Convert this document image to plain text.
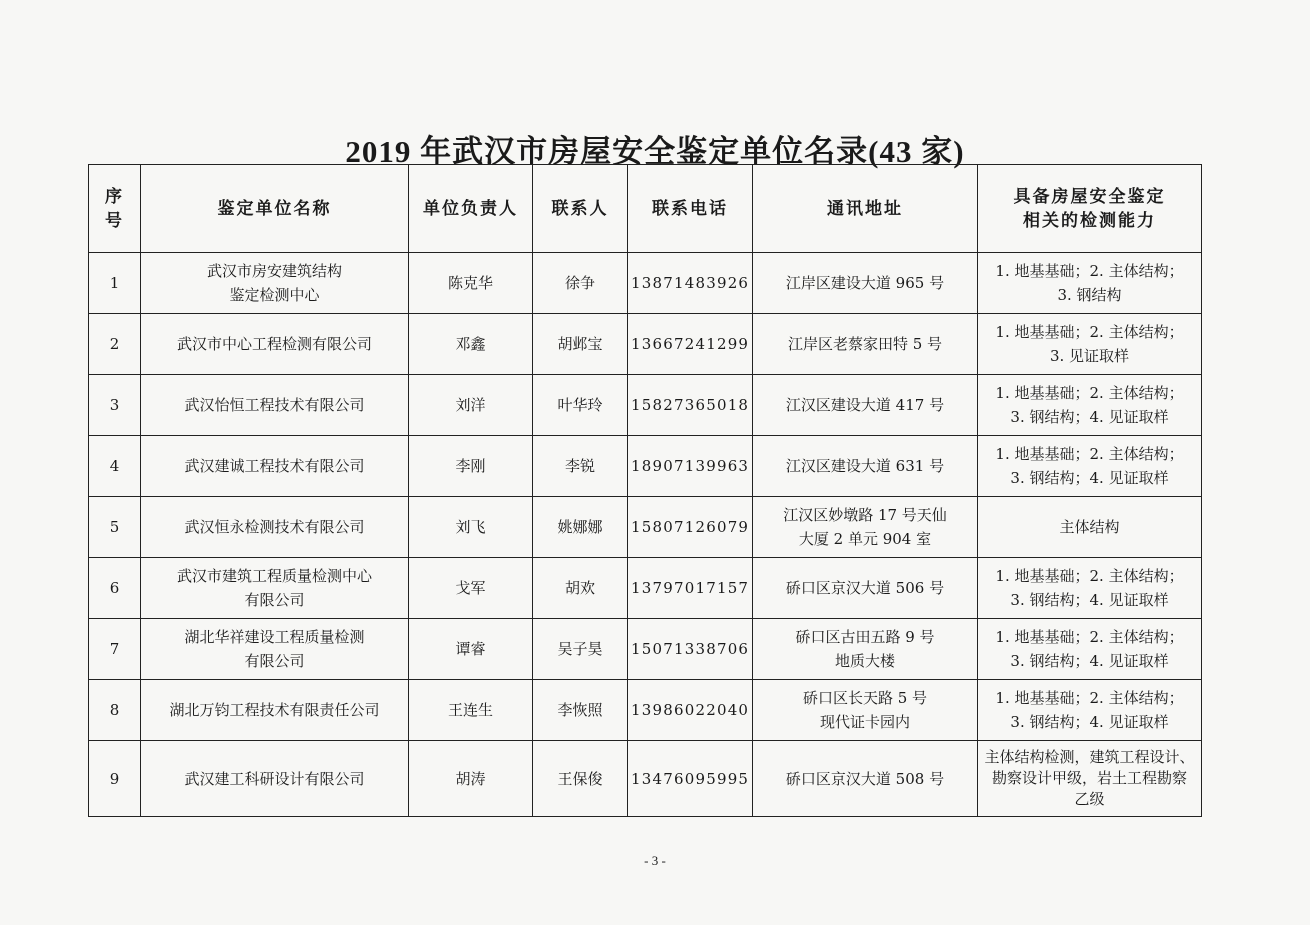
2019 年武汉市房屋安全鉴定单位名录(43 家)
序
号	鉴定单位名称	单位负责人	联系人	联系电话	通讯地址	具备房屋安全鉴定
相关的检测能力

1	武汉市房安建筑结构
鉴定检测中心	陈克华	徐争	13871483926	江岸区建设大道 965 号	1. 地基基础；2. 主体结构；
3. 钢结构

2	武汉市中心工程检测有限公司	邓鑫	胡邺宝	13667241299	江岸区老蔡家田特 5 号	1. 地基基础；2. 主体结构；
3. 见证取样

3	武汉怡恒工程技术有限公司	刘洋	叶华玲	15827365018	江汉区建设大道 417 号	1. 地基基础；2. 主体结构；
3. 钢结构；4. 见证取样

4	武汉建诚工程技术有限公司	李刚	李锐	18907139963	江汉区建设大道 631 号	1. 地基基础；2. 主体结构；
3. 钢结构；4. 见证取样

5	武汉恒永检测技术有限公司	刘飞	姚娜娜	15807126079	江汉区妙墩路 17 号天仙
大厦 2 单元 904 室	主体结构

6	武汉市建筑工程质量检测中心
有限公司	戈军	胡欢	13797017157	硚口区京汉大道 506 号	1. 地基基础；2. 主体结构；
3. 钢结构；4. 见证取样

7	湖北华祥建设工程质量检测
有限公司	谭睿	吴子昊	15071338706	硚口区古田五路 9 号
地质大楼	1. 地基基础；2. 主体结构；
3. 钢结构；4. 见证取样

8	湖北万钧工程技术有限责任公司	王连生	李恢照	13986022040	硚口区长天路 5 号
现代证卡园内	1. 地基基础；2. 主体结构；
3. 钢结构；4. 见证取样

9	武汉建工科研设计有限公司	胡涛	王保俊	13476095995	硚口区京汉大道 508 号	主体结构检测，建筑工程设计、
勘察设计甲级，岩土工程勘察
乙级
- 3 -
